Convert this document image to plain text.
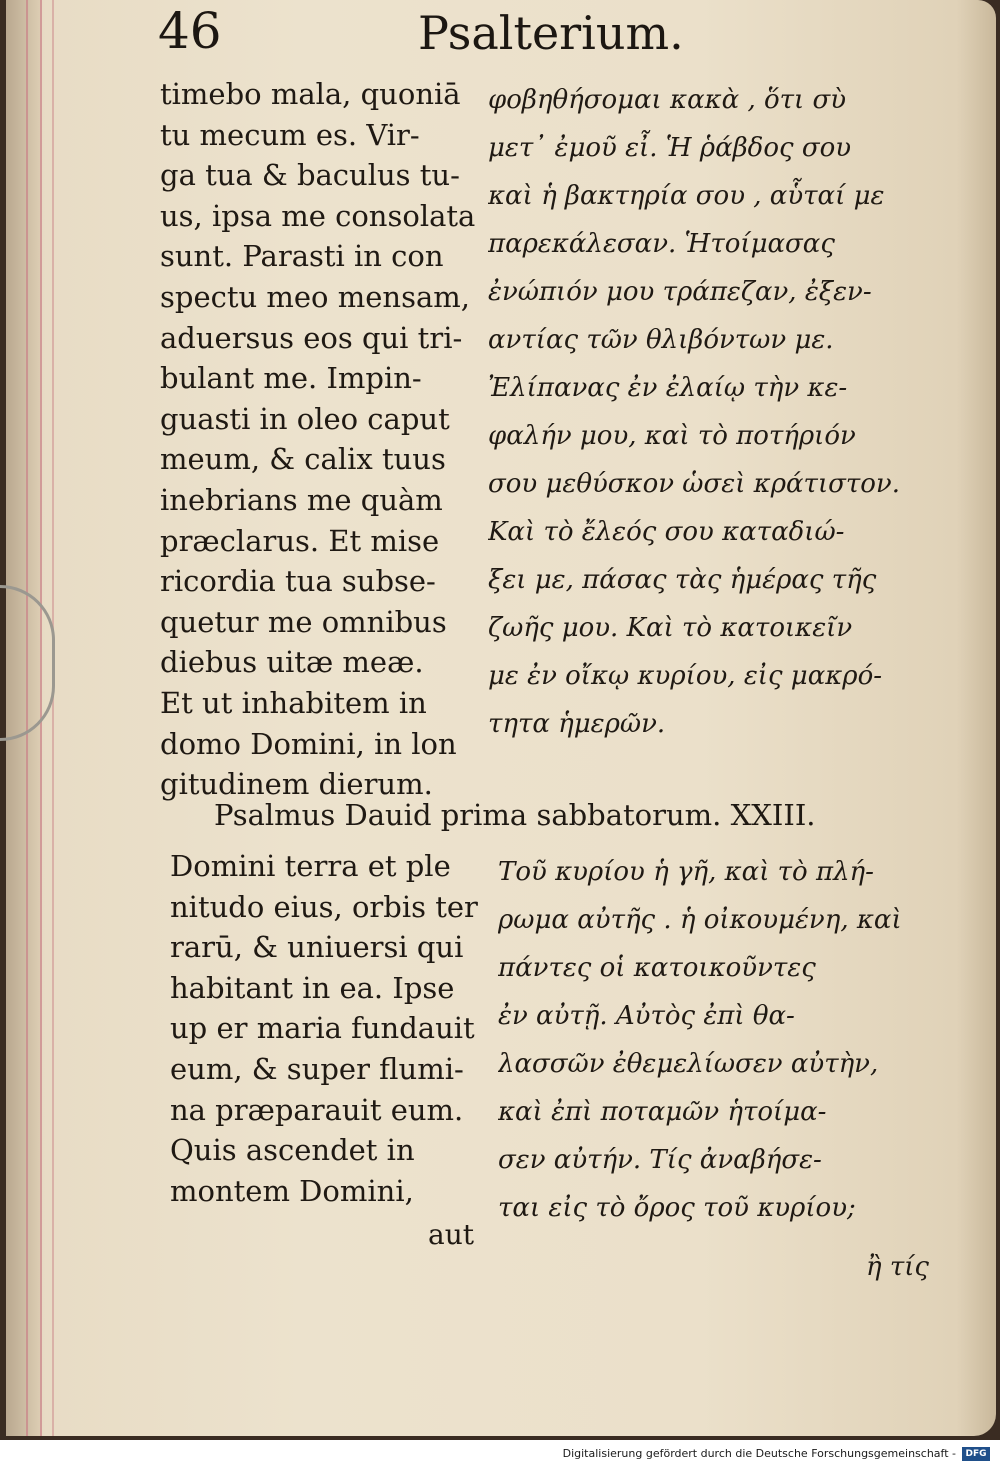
46	Psalterium.
timebo mala, quoniā
tu mecum es. Vir-
ga tua & baculus tu-
us, ipsa me consolata
sunt. Parasti in con
spectu meo mensam,
aduersus eos qui tri-
bulant me. Impin-
guasti in oleo caput
meum, & calix tuus
inebrians me quàm
præclarus. Et mise
ricordia tua subse-
quetur me omnibus
diebus uitæ meæ.
Et ut inhabitem in
domo Domini, in lon
gitudinem dierum.
φοβηθήσομαι κακὰ , ὅτι σὺ
μετ᾽ ἐμοῦ εἶ. Ἡ ῥάβδος σου
καὶ ἡ βακτηρία σου , αὗταί με
παρεκάλεσαν. Ἡτοίμασας
ἐνώπιόν μου τράπεζαν, ἐξεν-
αντίας τῶν θλιβόντων με.
Ἐλίπανας ἐν ἐλαίῳ τὴν κε-
φαλήν μου, καὶ τὸ ποτήριόν
σου μεθύσκον ὡσεὶ κράτιστον.
Καὶ τὸ ἔλεός σου καταδιώ-
ξει με, πάσας τὰς ἡμέρας τῆς
ζωῆς μου. Καὶ τὸ κατοικεῖν
με ἐν οἴκῳ κυρίου, εἰς μακρό-
τητα ἡμερῶν.
Psalmus Dauid prima sabbatorum. XXIII.
Domini terra et ple
nitudo eius, orbis ter
rarū, & uniuersi qui
habitant in ea. Ipse
up er maria fundauit
eum, & super flumi-
na præparauit eum.
Quis ascendet in
montem Domini,
Τοῦ κυρίου ἡ γῆ, καὶ τὸ πλή-
ρωμα αὐτῆς . ἡ οἰκουμένη, καὶ
πάντες οἱ κατοικοῦντες
ἐν αὐτῇ. Αὐτὸς ἐπὶ θα-
λασσῶν ἐθεμελίωσεν αὐτὴν,
καὶ ἐπὶ ποταμῶν ἡτοίμα-
σεν αὐτήν. Τίς ἀναβήσε-
ται εἰς τὸ ὄρος τοῦ κυρίου;
aut
ἢ τίς
Digitalisierung gefördert durch die Deutsche Forschungsgemeinschaft -	DFG
